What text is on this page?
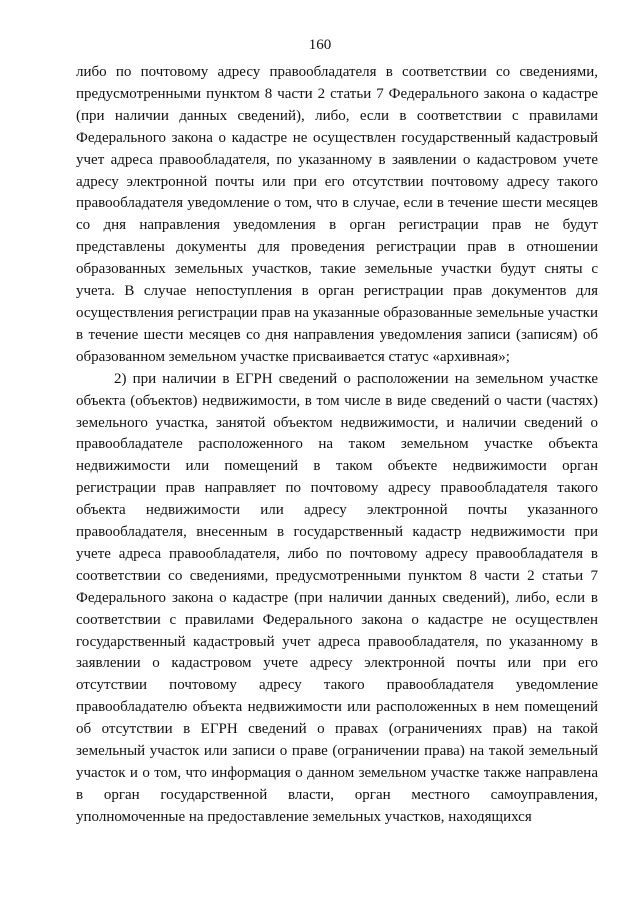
160

либо по почтовому адресу правообладателя в соответствии со сведениями, предусмотренными пунктом 8 части 2 статьи 7 Федерального закона о кадастре (при наличии данных сведений), либо, если в соответствии с правилами Федерального закона о кадастре не осуществлен государственный кадастровый учет адреса правообладателя, по указанному в заявлении о кадастровом учете адресу электронной почты или при его отсутствии почтовому адресу такого правообладателя уведомление о том, что в случае, если в течение шести месяцев со дня направления уведомления в орган регистрации прав не будут представлены документы для проведения регистрации прав в отношении образованных земельных участков, такие земельные участки будут сняты с учета. В случае непоступления в орган регистрации прав документов для осуществления регистрации прав на указанные образованные земельные участки в течение шести месяцев со дня направления уведомления записи (записям) об образованном земельном участке присваивается статус «архивная»;

2) при наличии в ЕГРН сведений о расположении на земельном участке объекта (объектов) недвижимости, в том числе в виде сведений о части (частях) земельного участка, занятой объектом недвижимости, и наличии сведений о правообладателе расположенного на таком земельном участке объекта недвижимости или помещений в таком объекте недвижимости орган регистрации прав направляет по почтовому адресу правообладателя такого объекта недвижимости или адресу электронной почты указанного правообладателя, внесенным в государственный кадастр недвижимости при учете адреса правообладателя, либо по почтовому адресу правообладателя в соответствии со сведениями, предусмотренными пунктом 8 части 2 статьи 7 Федерального закона о кадастре (при наличии данных сведений), либо, если в соответствии с правилами Федерального закона о кадастре не осуществлен государственный кадастровый учет адреса правообладателя, по указанному в заявлении о кадастровом учете адресу электронной почты или при его отсутствии почтовому адресу такого правообладателя уведомление правообладателю объекта недвижимости или расположенных в нем помещений об отсутствии в ЕГРН сведений о правах (ограничениях прав) на такой земельный участок или записи о праве (ограничении права) на такой земельный участок и о том, что информация о данном земельном участке также направлена в орган государственной власти, орган местного самоуправления, уполномоченные на предоставление земельных участков, находящихся
